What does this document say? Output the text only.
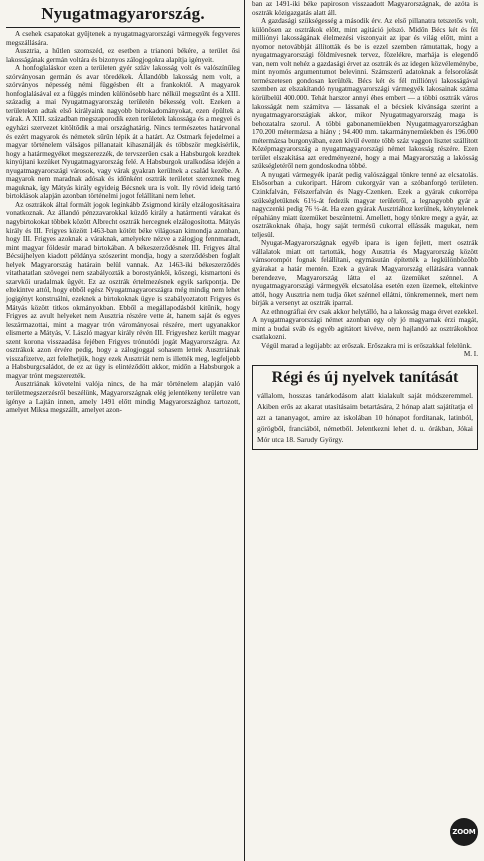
Nyugatmagyarország.

A csehek csapatokat gyűjtenek a nyugatmagyarországi vármegyék fegyveres megszállására.

Ausztria, a hűtlen szomszéd, ez esetben a trianoni békére, a terület ősi lakosságának germán voltára és bizonyos zálogjogokra alapítja igényeit.

A honfoglaláskor ezen a területen gyér szláv lakosság volt és valószínűleg szórványosan germán és avar töredékek. Állandóbb lakosság nem volt, a szórványos népesség némi függésben élt a frankoktól. A magyarok honfoglalásával ez a függés minden különösebb harc nélkül megszűnt és a XIII. századig a mai Nyugatmagyarország területén békesség volt. Ezeken a területeken adtak első királyaink nagyobb birtokadományokat, ezen épültek a várak. A XIII. században megszaporodik ezen területek lakossága és a megyei és egyházi szervezet kitöltődik a mai országhatárig. Nincs természetes határvonal és ezért magyarok és németek sűrűn lépik át a határt. Az Ostmark fejedelmei a magyar történelem válságos pillanatait kihasználják és többször megkísérlik, hogy a határmegyéket megszerezzék, de tervszerűen csak a Habsburgok kezdtek kinyújtani kezüket Nyugatmagyarország felé. A Habsburgok uralkodása idején a nyugatmagyarországi városok, vagy várak gyakran kerülnek a család kezébe. A magyarok nem maradnak adósak és időnként osztrák területet szereznek meg maguknak, így Mátyás király egyideig Bécsnek ura is volt. Ily rövid ideig tartó birtoklások alapján azonban történelmi jogot felállítani nem lehet.

Az osztrákok által formált jogok leginkább Zsigmond király elzálogosításaira vonatkoznak. Az állandó pénzzavarokkal küzdő király a határmenti várakat és nagybirtokokat többek között Albrecht osztrák hercegnek elzálogosította. Mátyás király és III. Frigyes között 1463-ban kötött béke világosan kimondja azonban, hogy III. Frigyes azoknak a váraknak, amelyekre nézve a zálogjog fennmaradt, mint magyar földesúr marad birtokában. A békeszerződésnek III. Frigyes által Bécsújhelyen kiadott példánya szószerint mondja, hogy a szerződésben foglalt helyek Magyarország határain belül vannak. Az 1463-iki békeszerződés vitathatatlan szövegei nem szabályozták a borostyánkői, kőszegi, kismartoni és szarvkői uradalmak ügyét. Ez az osztrák értelmezésnek egyik sarkpontja. De eltekintve attól, hogy ebből egész Nyugatmagyarországra még mindig nem lehet jogigényt konstruálni, ezeknek a birtokoknak ügye is szabályoztatott Frigyes és Mátyás között titkos okmányokban. Ebből a megállapodásból kitűnik, hogy Frigyes az avult helyeket nem Ausztria részére vette át, hanem saját és egyes leszármazottai, mint a magyar trón várományosai részére, mert ugyanakkor elismerte a Mátyás, V. László magyar király révén III. Frigyeshez került magyar szent korona visszaadása fejében Frigyes trónutódi jogát Magyarországra. Az osztrákok azon érvére pedig, hogy a zálogjoggal sohasem lettek Ausztriának visszafizetve, azt felelhetjük, hogy ezek Ausztriát nem is illették meg, legfeljebb a Habsburgcsaládot, de ez az ügy is elintéződött akkor, midőn a Habsburgok a magyar trónt megszerezték.

Ausztriának követelni valója nincs, de ha már történelem alapján való területmegszerzésről beszélünk, Magyarországnak elég jelentékeny területre van igénye a Lajtán innen, amely 1491 előtt mindig Magyarországhoz tartozott, amelyet Miksa megszállt, amelyet azon-

ban az 1491-iki béke papiroson visszaadott Magyarországnak, de azóta is osztrák közigazgatás alatt áll.

A gazdasági szükségesség a második érv. Az első pillanatra tetszetős volt, különösen az osztrákok előtt, mint agitáció jelszó. Midőn Bécs két és fél milliónyi lakosságának élelmezési viszonyait az ipar és világ előtt, mint a nyomor netovábbját állították és be is ezzel szemben rámutattak, hogy a nyugatmagyarországi földmívesnek tervez, fözelékre, marhája is elegendő van, nem volt nehéz a gazdasági érvet az osztrák és az idegen közvéleménybe, mint nyomós argumentumot belevinni. Számszerű adatoknak a felsorolását természetesen gondosan kerülték. Bécs két és fél milliónyi lakosságával szemben az elszakítandó nyugatmagyarországi vármegyék lakosainak száma körülbelül 400.000. Tehát harszor annyi éhes embert — a többi osztrák város lakosságát nem számítva — lássanak el a bécsiek kívánsága szerint a nyugatmagyarországiak akkor, mikor Nyugatmagyarország maga is behozatalra szorul. A többi gabonanemüekben Nyugatmagyarországban 170.200 métermázsa a hiány ; 94.400 mm. takarmánynemüekben és 196.000 métermázsa burgonyában, ezen kívül évente több száz vaggon lisztet szállított Középmagyarország a nyugatmagyarországi német lakosság részére. Ezen terület elszakítása azt eredményezné, hogy a mai Magyarország a lakósság szükségletéről nem gondoskodna többé.

A nyugati vármegyék iparát pedig valószággal tönkre tenné az elcsatolás. Elsősorban a cukoripart. Három cukorgyár van a szóbanforgó területen. Czinkfalván, Félszerfalván és Nagy-Czenken. Ezek a gyárak cukorrépa szükségletüknek 61½-át fedezik magyar területről, a legnagyobb gyár a nagyczenki pedig 76 ½-át. Ha ezen gyárak Ausztriához kerülnek, kénytelenek répahiány miatt üzemüket beszüntetni. Amellett, hogy tönkre megy a gyár, az osztrákoknak óhaja, hogy saját termésű cukorral ellássák magukat, nem teljesül.

Nyugat-Magyarországnak egyéb ipara is igen fejlett, mert osztrák vállalatok miatt ott tartották, hogy Ausztria és Magyarország között vámsorompót fognak felállítani, egymásután építették a legkülönbözőbb gyárakat a határ mentén. Ezek a gyárak Magyarország ellátására vannak berendezve, Magyarország látta el az üzemüket szénnel. A nyugatmagyarországi vármegyék elcsatolása esetén ezen üzemek, eltekintve attól, hogy Ausztria nem tudja őket szénnel ellátni, tönkremennek, mert nem bírják a versenyt az osztrák iparral.

Az ethnográfiai érv csak akkor helytálló, ha a lakosság maga érvet ezekkel. A nyugatmagyarországi német azonban egy oly jó magyarnak érzi magát, mint a budai sváb és egyéb agitátort kivéve, nem hajlandó az osztrákokhoz csatlakozni.

Végül marad a legújabb: az erőszak. Erőszakra mi is erőszakkal felelünk.

M. I.

Régi és új nyelvek tanítását

vállalom, hosszas tanárkodásom alatt kialakult saját módszeremmel. Akiben erős az akarat utasításaim betartására, 2 hónap alatt sajátítatja el azt a tananyagot, amire az iskolában 10 hónapot fordítanak, latinból, görögből, franciából, németből. Jelentkezni lehet d. u. órákban, Jókai Mór utca 18. Sarudy György.

ZOOM
